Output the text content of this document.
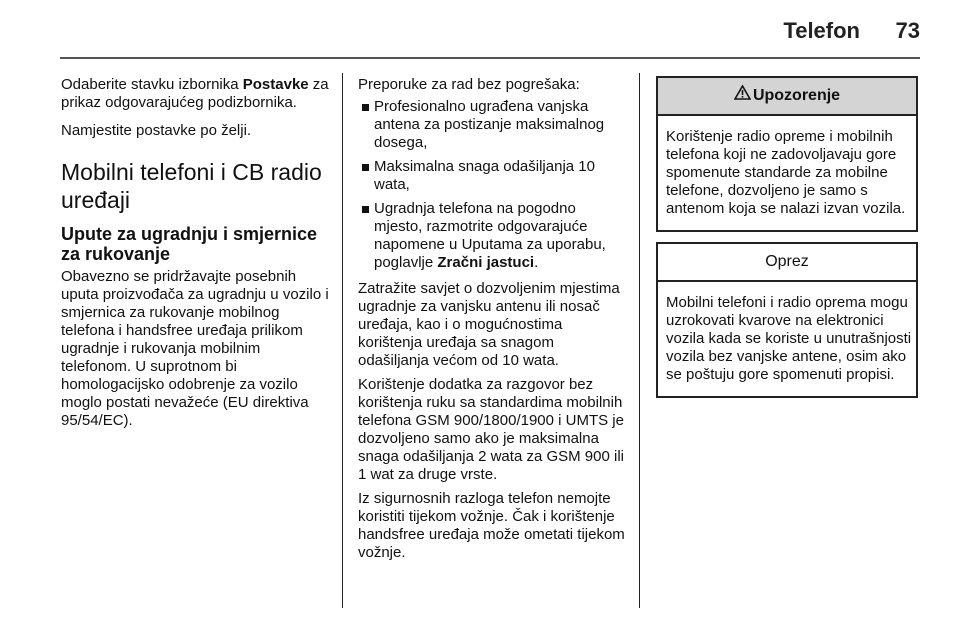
Telefon	73

Odaberite stavku izbornika Postavke za prikaz odgovarajućeg podizbornika.

Namjestite postavke po želji.

Mobilni telefoni i CB radio uređaji
Upute za ugradnju i smjernice za rukovanje

Obavezno se pridržavajte posebnih uputa proizvođača za ugradnju u vozilo i smjernica za rukovanje mobilnog telefona i handsfree uređaja prilikom ugradnje i rukovanja mobilnim telefonom. U suprotnom bi homologacijsko odobrenje za vozilo moglo postati nevažeće (EU direktiva 95/54/EC).

Preporuke za rad bez pogrešaka:

Profesionalno ugrađena vanjska antena za postizanje maksimalnog dosega,
Maksimalna snaga odašiljanja 10 wata,
Ugradnja telefona na pogodno mjesto, razmotrite odgovarajuće napomene u Uputama za uporabu, poglavlje Zračni jastuci.

Zatražite savjet o dozvoljenim mjestima ugradnje za vanjsku antenu ili nosač uređaja, kao i o mogućnostima korištenja uređaja sa snagom odašiljanja većom od 10 wata.

Korištenje dodatka za razgovor bez korištenja ruku sa standardima mobilnih telefona GSM 900/1800/1900 i UMTS je dozvoljeno samo ako je maksimalna snaga odašiljanja 2 wata za GSM 900 ili 1 wat za druge vrste.

Iz sigurnosnih razloga telefon nemojte koristiti tijekom vožnje. Čak i korištenje handsfree uređaja može ometati tijekom vožnje.

Upozorenje
Korištenje radio opreme i mobilnih telefona koji ne zadovoljavaju gore spomenute standarde za mobilne telefone, dozvoljeno je samo s antenom koja se nalazi izvan vozila.
Oprez
Mobilni telefoni i radio oprema mogu uzrokovati kvarove na elektronici vozila kada se koriste u unutrašnjosti vozila bez vanjske antene, osim ako se poštuju gore spomenuti propisi.
